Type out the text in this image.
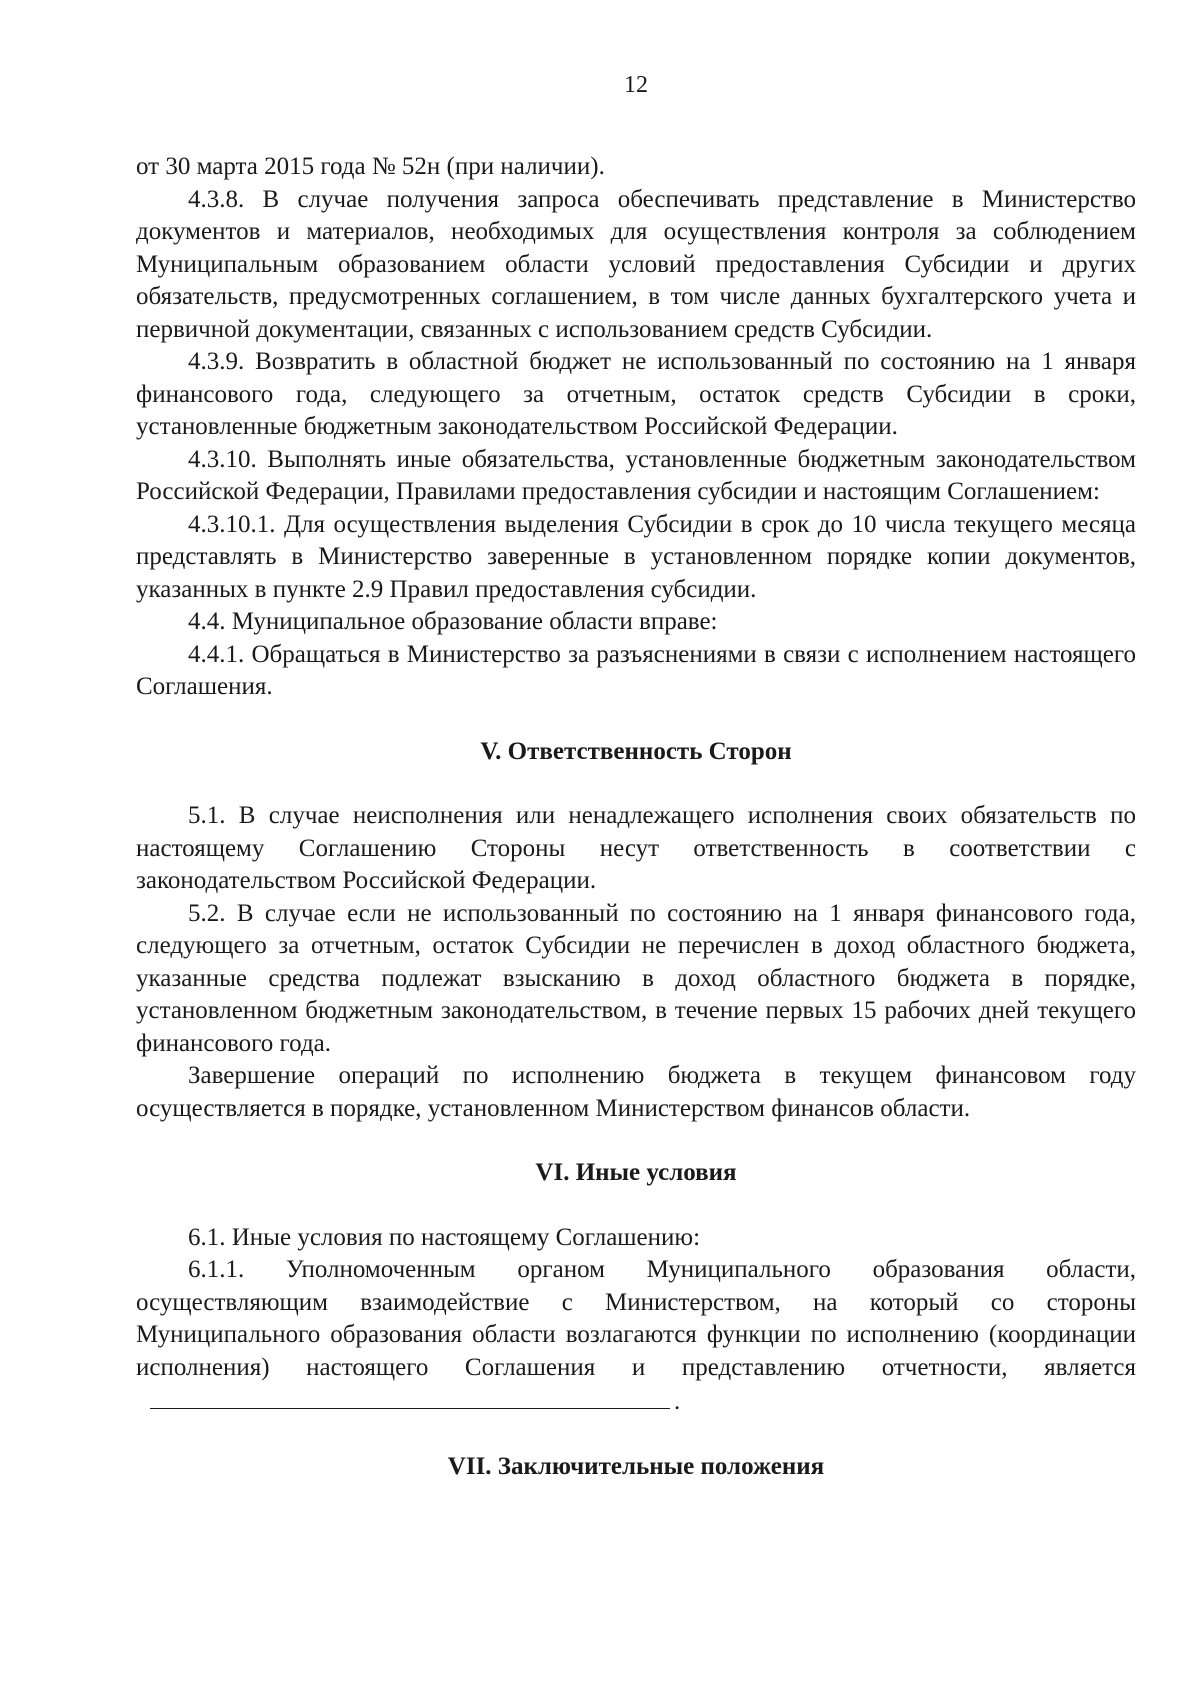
12

от 30 марта 2015 года № 52н (при наличии).

4.3.8. В случае получения запроса обеспечивать представление в Министерство документов и материалов, необходимых для осуществления контроля за соблюдением Муниципальным образованием области условий предоставления Субсидии и других обязательств, предусмотренных соглашением, в том числе данных бухгалтерского учета и первичной документации, связанных с использованием средств Субсидии.

4.3.9. Возвратить в областной бюджет не использованный по состоянию на 1 января финансового года, следующего за отчетным, остаток средств Субсидии в сроки, установленные бюджетным законодательством Российской Федерации.

4.3.10. Выполнять иные обязательства, установленные бюджетным законодательством Российской Федерации, Правилами предоставления субсидии и настоящим Соглашением:

4.3.10.1. Для осуществления выделения Субсидии в срок до 10 числа текущего месяца представлять в Министерство заверенные в установленном порядке копии документов, указанных в пункте 2.9 Правил предоставления субсидии.

4.4. Муниципальное образование области вправе:

4.4.1. Обращаться в Министерство за разъяснениями в связи с исполнением настоящего Соглашения.

V. Ответственность Сторон

5.1. В случае неисполнения или ненадлежащего исполнения своих обязательств по настоящему Соглашению Стороны несут ответственность в соответствии с законодательством Российской Федерации.

5.2. В случае если не использованный по состоянию на 1 января финансового года, следующего за отчетным, остаток Субсидии не перечислен в доход областного бюджета, указанные средства подлежат взысканию в доход областного бюджета в порядке, установленном бюджетным законодательством, в течение первых 15 рабочих дней текущего финансового года.

Завершение операций по исполнению бюджета в текущем финансовом году осуществляется в порядке, установленном Министерством финансов области.

VI. Иные условия

6.1. Иные условия по настоящему Соглашению:

6.1.1. Уполномоченным органом Муниципального образования области, осуществляющим взаимодействие с Министерством, на который со стороны Муниципального образования области возлагаются функции по исполнению (координации исполнения) настоящего Соглашения и представлению отчетности, является.

VII. Заключительные положения
